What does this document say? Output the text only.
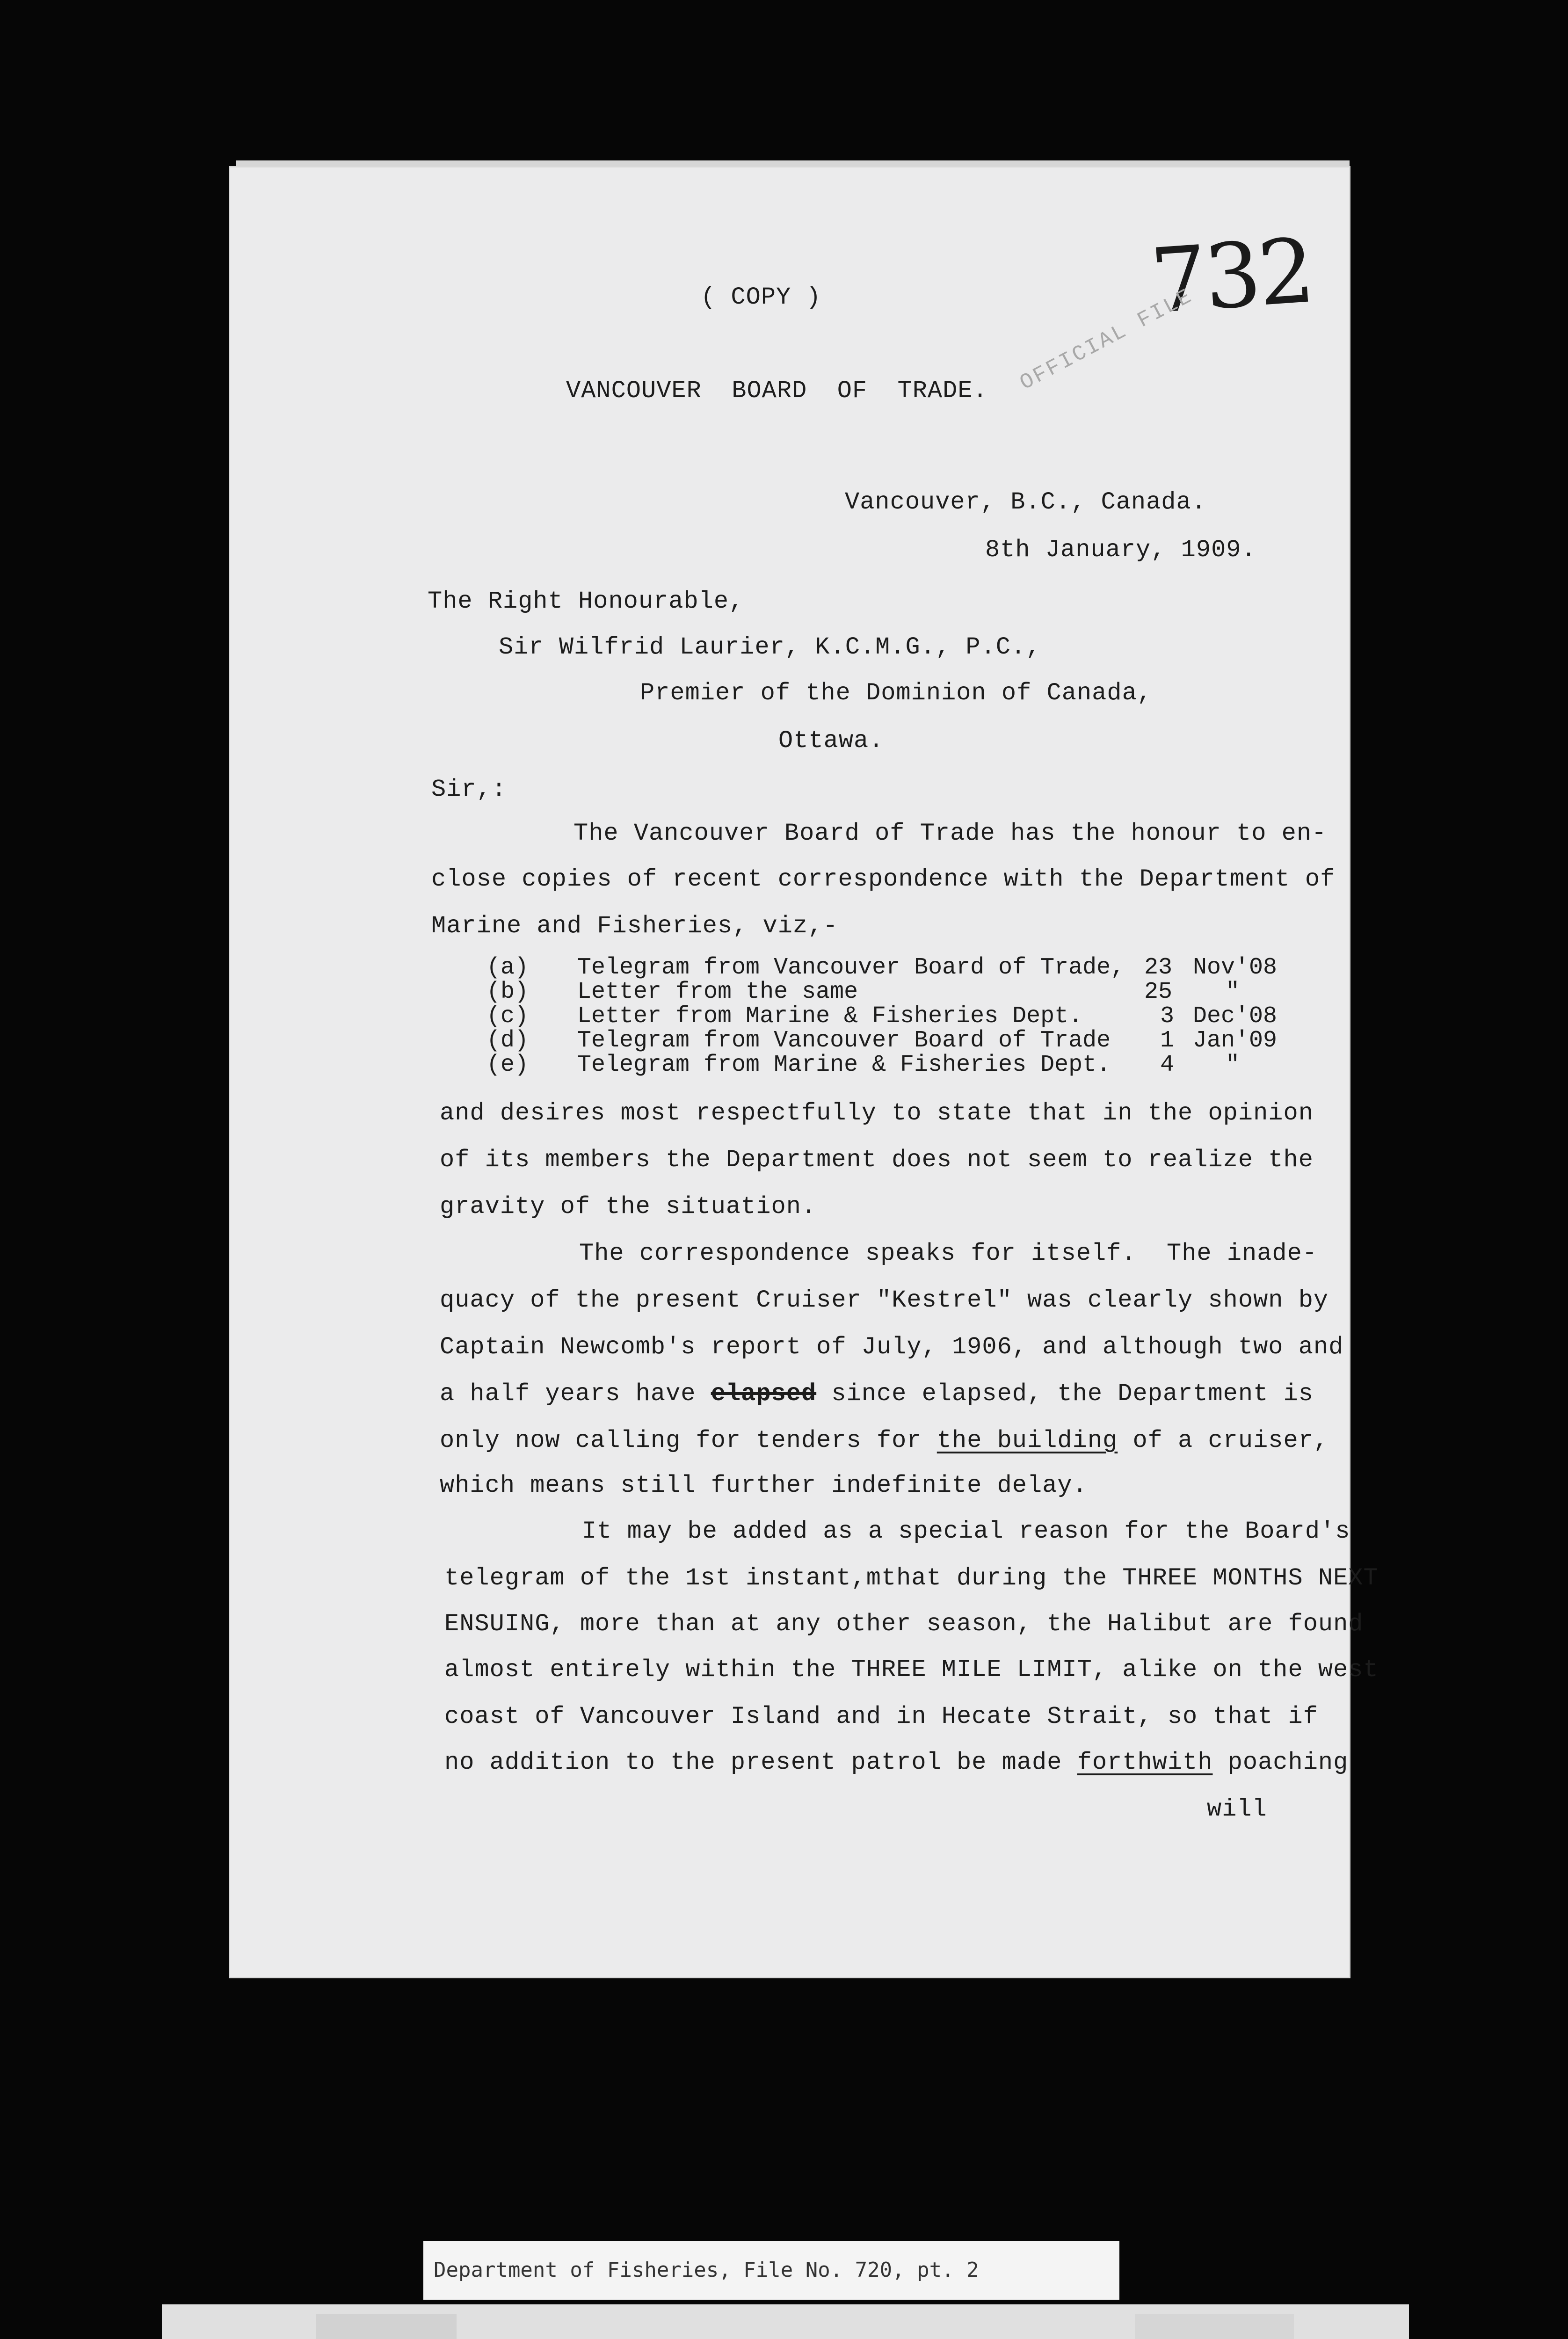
732
OFFICIAL FILE
( COPY )
VANCOUVER  BOARD  OF  TRADE.
Vancouver, B.C., Canada.
8th January, 1909.
The Right Honourable,
Sir Wilfrid Laurier, K.C.M.G., P.C.,
Premier of the Dominion of Canada,
Ottawa.
Sir,:
The Vancouver Board of Trade has the honour to en-
close copies of recent correspondence with the Department of
Marine and Fisheries, viz,-

(a)

Telegram from Vancouver Board of Trade,

23

Nov'08

(b)

Letter from the same

	25

"

(c)

Letter from Marine & Fisheries Dept.

	3

Dec'08

(d)

Telegram from Vancouver Board of Trade

1

Jan'09

(e)

Telegram from Marine & Fisheries Dept.

4

"

and desires most respectfully to state that in the opinion
of its members the Department does not seem to realize the
gravity of the situation.
The correspondence speaks for itself.  The inade-
quacy of the present Cruiser "Kestrel" was clearly shown by
Captain Newcomb's report of July, 1906, and although two and
a half years have elapsed since elapsed, the Department is
only now calling for tenders for the building of a cruiser,
which means still further indefinite delay.
It may be added as a special reason for the Board's
telegram of the 1st instant,mthat during the THREE MONTHS NEXT
ENSUING, more than at any other season, the Halibut are found
almost entirely within the THREE MILE LIMIT, alike on the west
coast of Vancouver Island and in Hecate Strait, so that if
no addition to the present patrol be made forthwith poaching
will
Department of Fisheries, File No. 720, pt. 2
